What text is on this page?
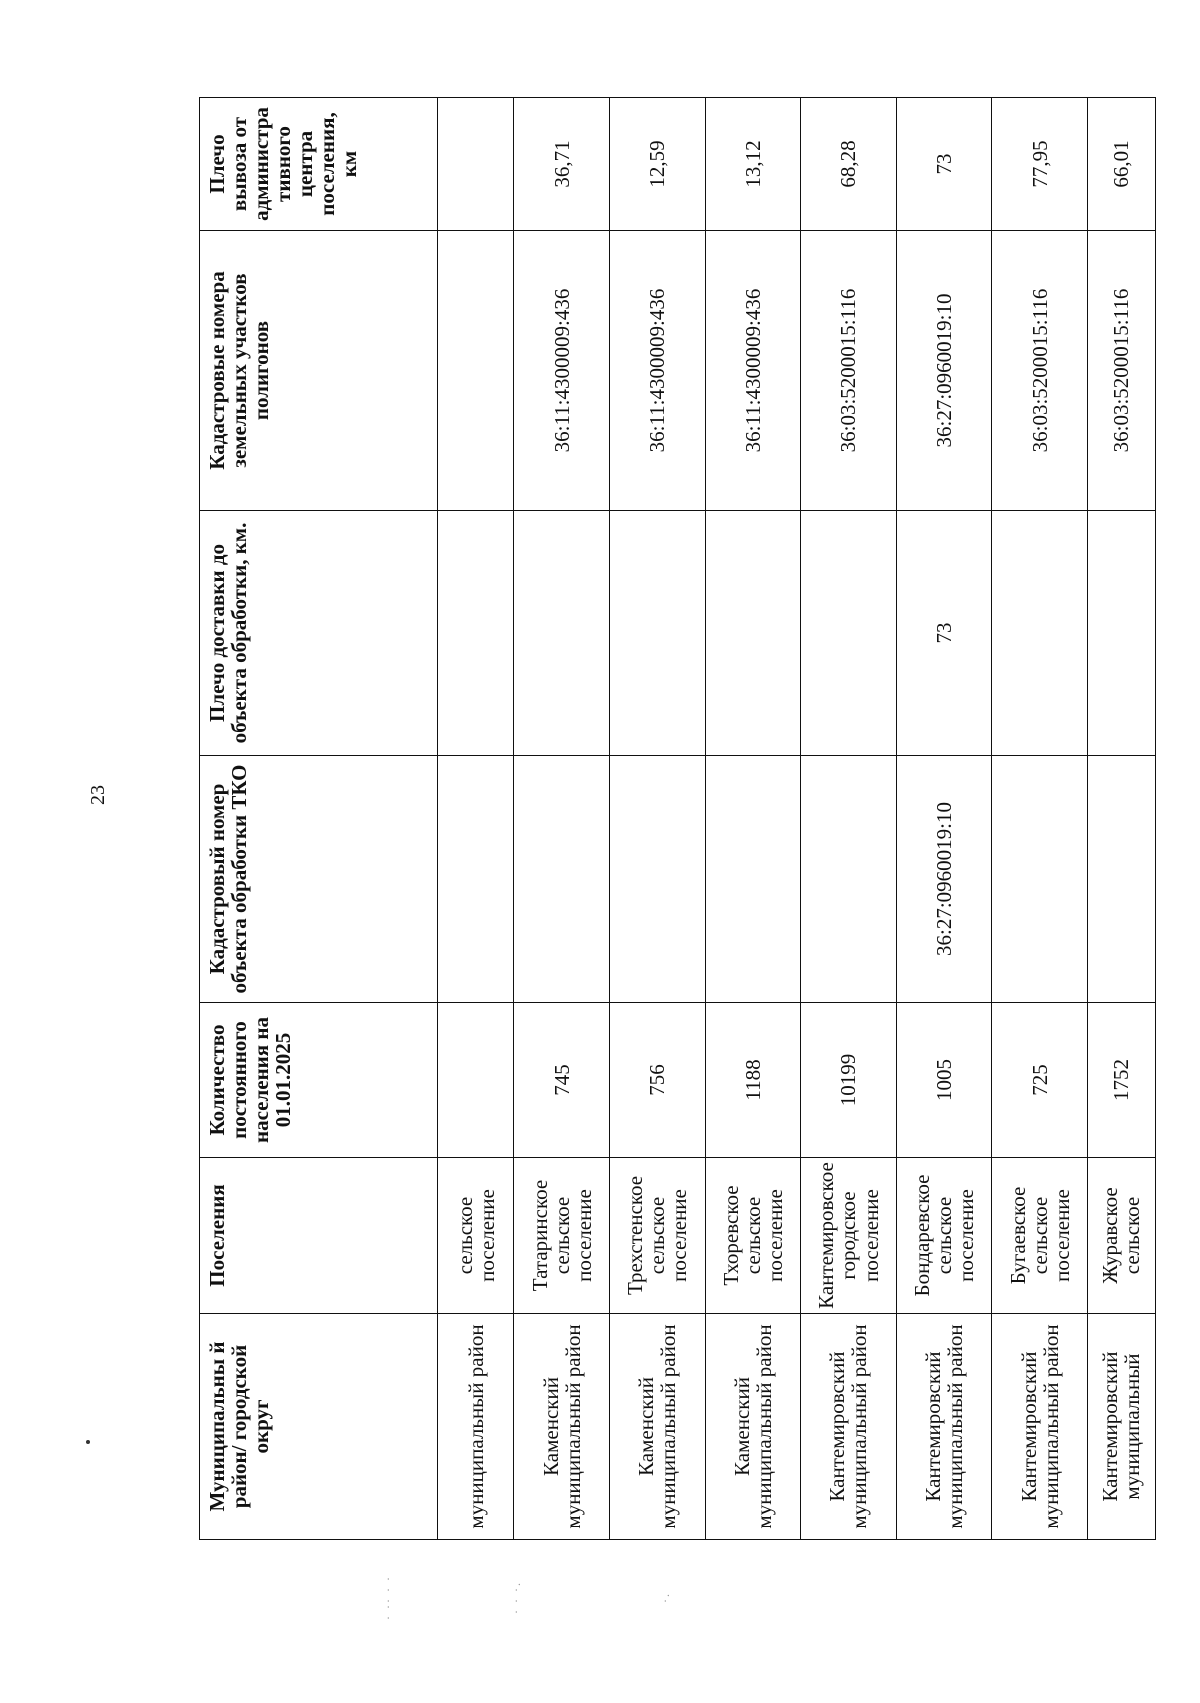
23
· ·· · ·	· · ·.	·.
Муниципальны й район/ городской округ	Поселения	Количество постоянного населения на 01.01.2025	Кадастровый номер объекта обработки ТКО	Плечо доставки до объекта обработки, км.	Кадастровые номера земельных участков полигонов	Плечо вывоза от администра тивного центра поселения, км
муниципальный район	сельское поселение					
Каменский муниципальный район	Татаринское сельское поселение	745			36:11:4300009:436	36,71
Каменский муниципальный район	Трехстенское сельское поселение	756			36:11:4300009:436	12,59
Каменский муниципальный район	Тхоревское сельское поселение	1188			36:11:4300009:436	13,12
Кантемировский муниципальный район	Кантемировское городское поселение	10199			36:03:5200015:116	68,28
Кантемировский муниципальный район	Бондаревское сельское поселение	1005	36:27:0960019:10	73	36:27:0960019:10	73
Кантемировский муниципальный район	Бугаевское сельское поселение	725			36:03:5200015:116	77,95
Кантемировский муниципальный	Журавское сельское	1752			36:03:5200015:116	66,01
